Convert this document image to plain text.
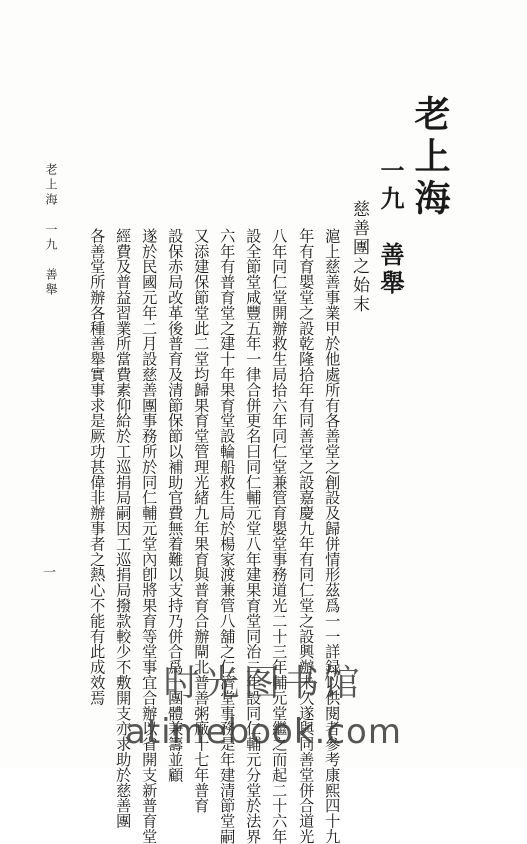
老上海
一九　善舉
慈善團之始末
滬上慈善事業甲於他處所有各善堂之創設及歸併情形茲爲一一詳録以供閱者參考康熙四十九
年有育嬰堂之設乾隆拾年有同善堂之設嘉慶九年有同仁堂之設興辦未久遂與同善堂併合道光
八年同仁堂開辦救生局拾六年同仁堂兼管育嬰堂事務道光二十三年輔元堂繼之而起二十六年
設全節堂咸豐五年一律合併更名曰同仁輔元堂八年建果育堂同治二年設同仁輔元分堂於法界
六年有普育堂之建十年果育堂設輪船救生局於楊家渡兼管八舖之仁濟堂事務是年建清節堂嗣
又添建保節堂此二堂均歸果育堂管理光緒九年果育與普育合辦閘北普善粥廠十七年普育
設保赤局改革後普育及清節保節以補助官費無着難以支持乃併合爲一團體兼籌並顧
遂於民國元年二月設慈善團事務所於同仁輔元堂內卽將果育等堂事宜合辦以省開支新普育堂
經費及普益習業所當費素仰給於工巡捐局嗣因工巡捐局撥款較少不敷開支亦求助於慈善團
各善堂所辦各種善舉實事求是厥功甚偉非辦事者之熱心不能有此成效焉
老上海　一九　善舉
一
时光图书馆
atimebook.com
